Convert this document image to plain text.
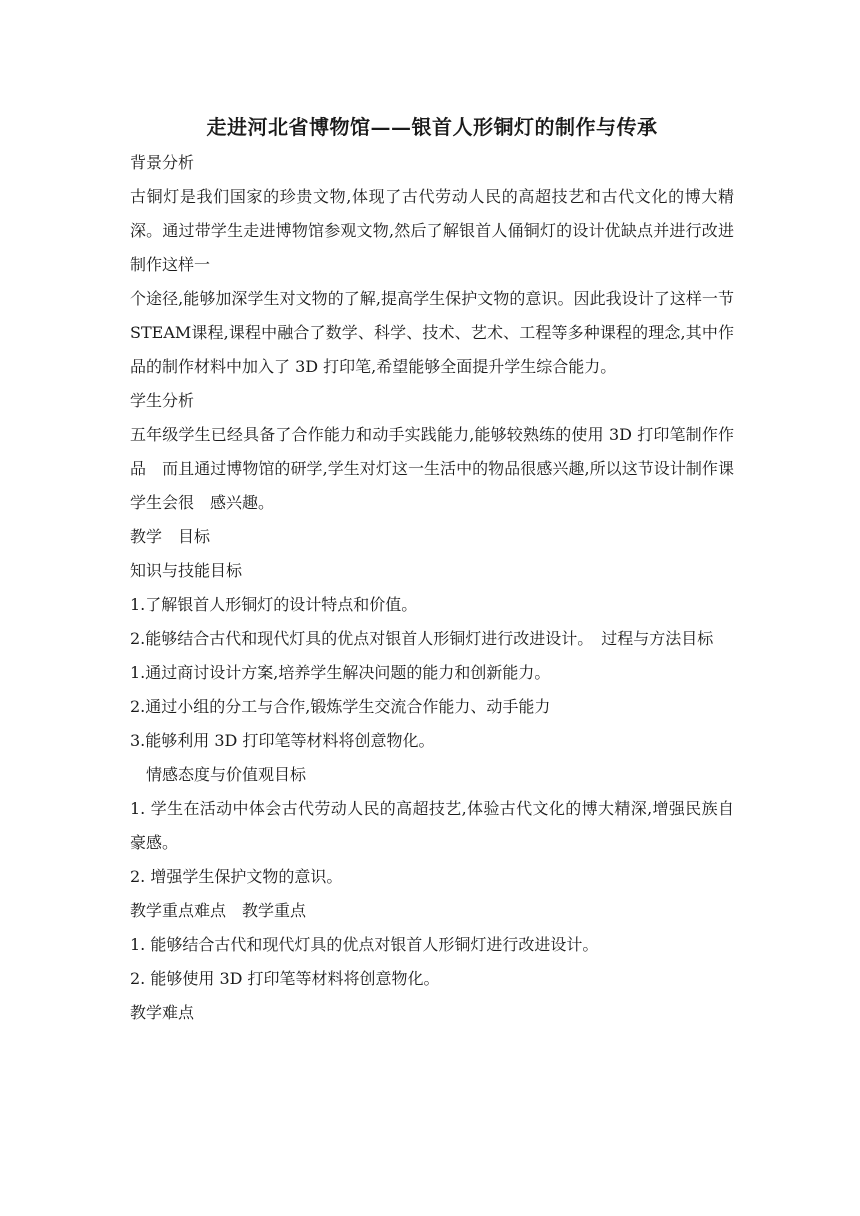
走进河北省博物馆——银首人形铜灯的制作与传承

背景分析

古铜灯是我们国家的珍贵文物,体现了古代劳动人民的高超技艺和古代文化的博大精深。通过带学生走进博物馆参观文物,然后了解银首人俑铜灯的设计优缺点并进行改进制作这样一

个途径,能够加深学生对文物的了解,提高学生保护文物的意识。因此我设计了这样一节STEAM课程,课程中融合了数学、科学、技术、艺术、工程等多种课程的理念,其中作品的制作材料中加入了 3D 打印笔,希望能够全面提升学生综合能力。

学生分析

五年级学生已经具备了合作能力和动手实践能力,能够较熟练的使用 3D 打印笔制作作品　而且通过博物馆的研学,学生对灯这一生活中的物品很感兴趣,所以这节设计制作课学生会很　感兴趣。

教学　目标

知识与技能目标

1.了解银首人形铜灯的设计特点和价值。

2.能够结合古代和现代灯具的优点对银首人形铜灯进行改进设计。　过程与方法目标

1.通过商讨设计方案,培养学生解决问题的能力和创新能力。

2.通过小组的分工与合作,锻炼学生交流合作能力、动手能力

3.能够利用 3D 打印笔等材料将创意物化。

情感态度与价值观目标

1. 学生在活动中体会古代劳动人民的高超技艺,体验古代文化的博大精深,增强民族自豪感。

2. 增强学生保护文物的意识。

教学重点难点　教学重点

1. 能够结合古代和现代灯具的优点对银首人形铜灯进行改进设计。

2. 能够使用 3D 打印笔等材料将创意物化。

教学难点
